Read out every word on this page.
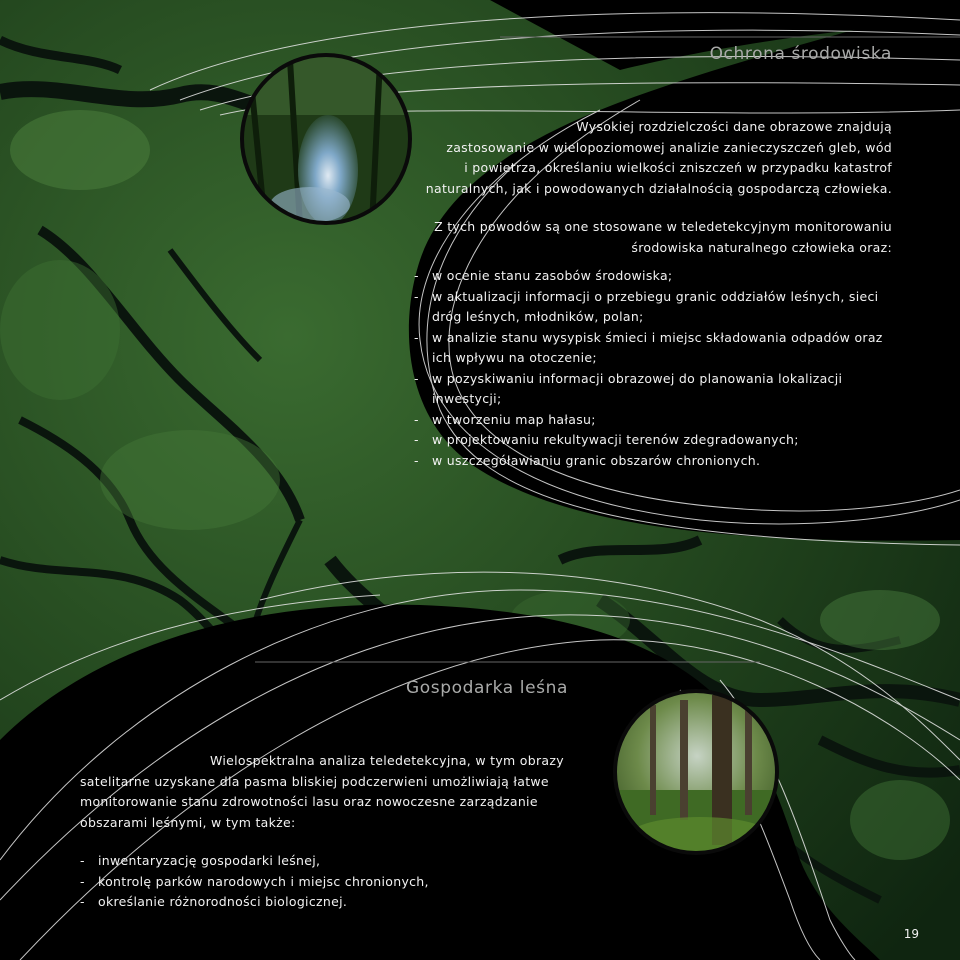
Ochrona środowiska

Wysokiej rozdzielczości dane obrazowe znajdują

zastosowanie w wielopoziomowej analizie zanieczyszczeń gleb, wód

i powietrza, określaniu wielkości zniszczeń w przypadku katastrof

naturalnych, jak i powodowanych działalnością gospodarczą człowieka.

Z tych powodów są one stosowane w teledetekcyjnym monitorowaniu

środowiska naturalnego człowieka oraz:

- w ocenie stanu zasobów środowiska;
- w aktualizacji informacji o przebiegu granic oddziałów leśnych, sieci dróg leśnych, młodników, polan;
- w analizie stanu wysypisk śmieci i miejsc składowania odpadów oraz ich wpływu na otoczenie;
- w pozyskiwaniu informacji obrazowej do planowania lokalizacji inwestycji;
- w tworzeniu map hałasu;
- w projektowaniu rekultywacji terenów zdegradowanych;
- w uszczegóławianiu granic obszarów chronionych.
Gospodarka leśna

Wielospektralna analiza teledetekcyjna, w tym obrazy

satelitarne uzyskane dla pasma bliskiej podczerwieni umożliwiają łatwe

monitorowanie stanu zdrowotności lasu oraz nowoczesne zarządzanie

obszarami leśnymi, w tym także:

- inwentaryzację gospodarki leśnej,
- kontrolę parków narodowych i miejsc chronionych,
- określanie różnorodności biologicznej.
19
